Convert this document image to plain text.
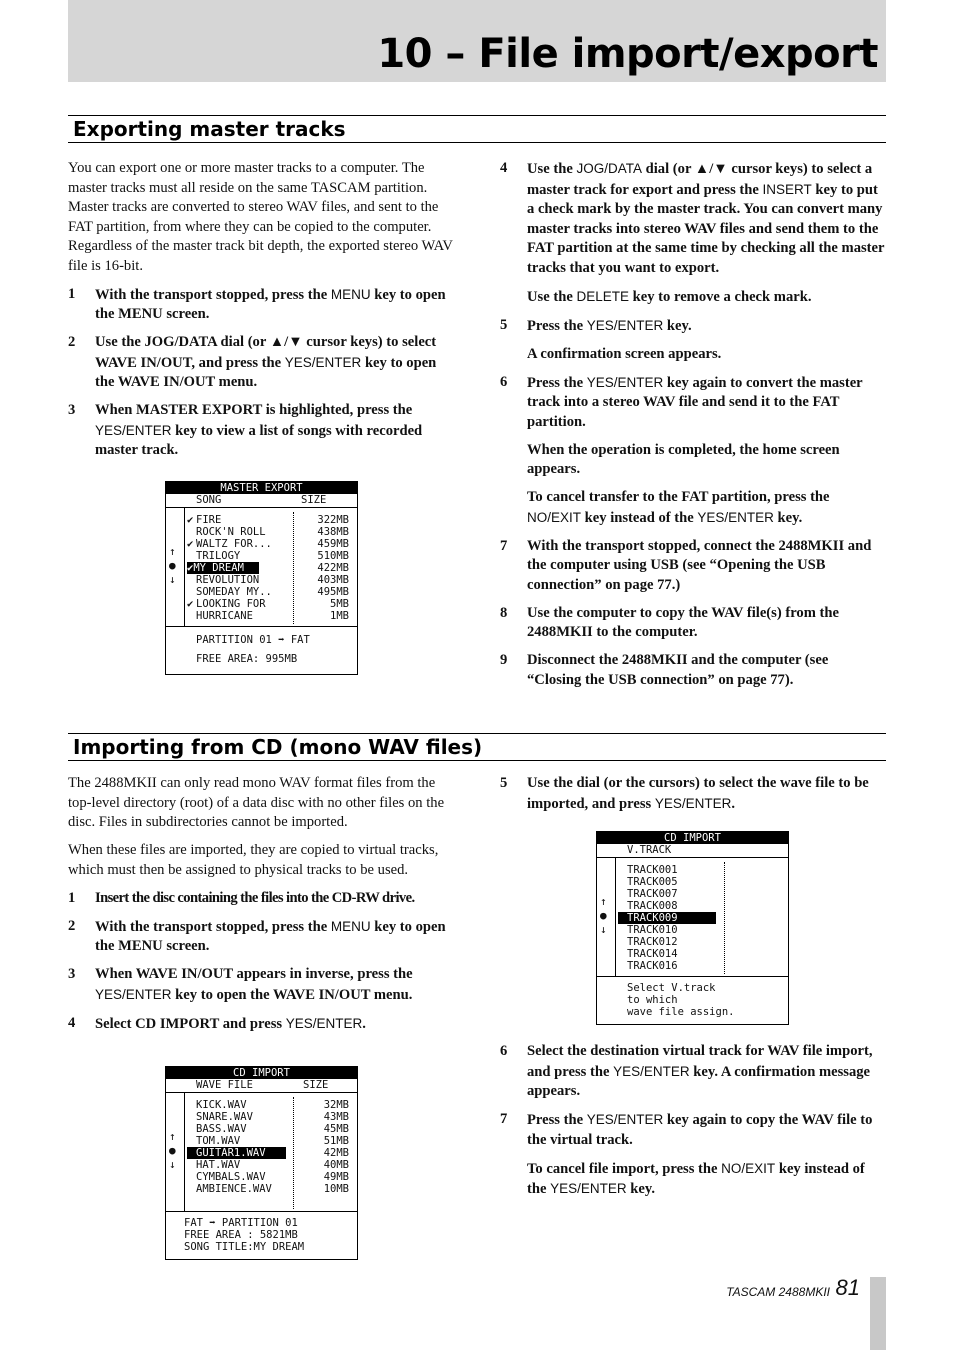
10 – File import/export
Exporting master tracks

You can export one or more master tracks to a computer. The master tracks must all reside on the same TASCAM partition. Master tracks are converted to stereo WAV files, and sent to the FAT partition, from where they can be copied to the computer. Regardless of the master track bit depth, the exported stereo WAV file is 16-bit.

1	With the transport stopped, press the MENU key to open the MENU screen.
2	Use the JOG/DATA dial (or ▲/▼ cursor keys) to select WAVE IN/OUT, and press the YES/ENTER key to open the WAVE IN/OUT menu.
3	When MASTER EXPORT is highlighted, press the YES/ENTER key to view a list of songs with recorded master track.
MASTER EXPORT
SONG	SIZE
✔ FIRE	322MB

ROCK'N ROLL	438MB
✔ WALTZ FOR...	459MB

TRILOGY	510MB
✔MY DREAM	422MB

REVOLUTION	403MB

SOMEDAY MY..	495MB
✔ LOOKING FOR	5MB

HURRICANE	1MB
↑
●
↓
PARTITION 01 ➡ FAT
FREE AREA: 995MB
4	Use the JOG/DATA dial (or ▲/▼ cursor keys) to select a master track for export and press the INSERT key to put a check mark by the master track. You can convert many master tracks into stereo WAV files and send them to the FAT partition at the same time by checking all the master tracks that you want to export.
Use the DELETE key to remove a check mark.
5	Press the YES/ENTER key.
A confirmation screen appears.
6	Press the YES/ENTER key again to convert the master track into a stereo WAV file and send it to the FAT partition.
When the operation is completed, the home screen appears.
To cancel transfer to the FAT partition, press the NO/EXIT key instead of the YES/ENTER key.
7	With the transport stopped, connect the 2488MKII and the computer using USB (see “Opening the USB connection” on page 77.)
8	Use the computer to copy the WAV file(s) from the 2488MKII to the computer.
9	Disconnect the 2488MKII and the computer (see “Closing the USB connection” on page 77).
Importing from CD (mono WAV files)

The 2488MKII can only read mono WAV format files from the top-level directory (root) of a data disc with no other files on the disc. Files in subdirectories cannot be imported.

When these files are imported, they are copied to virtual tracks, which must then be assigned to physical tracks to be used.

1	Insert the disc containing the files into the CD-RW drive.
2	With the transport stopped, press the MENU key to open the MENU screen.
3	When WAVE IN/OUT appears in inverse, press the YES/ENTER key to open the WAVE IN/OUT menu.
4	Select CD IMPORT and press YES/ENTER.
CD IMPORT
WAVE FILE	SIZE
KICK.WAV	32MB
SNARE.WAV	43MB
BASS.WAV	45MB
TOM.WAV	51MB
GUITAR1.WAV	42MB
HAT.WAV	40MB
CYMBALS.WAV	49MB
AMBIENCE.WAV	10MB
↑
●
↓
FAT ➡ PARTITION 01
FREE AREA : 5821MB
SONG TITLE:MY DREAM
5	Use the dial (or the cursors) to select the wave file to be imported, and press YES/ENTER.
CD IMPORT
V.TRACK
TRACK001
TRACK005
TRACK007
TRACK008
TRACK009
TRACK010
TRACK012
TRACK014
TRACK016
↑
●
↓
Select V.track
to which
wave file assign.
6	Select the destination virtual track for WAV file import, and press the YES/ENTER key. A confirmation message appears.
7	Press the YES/ENTER key again to copy the WAV file to the virtual track.
To cancel file import, press the NO/EXIT key instead of the YES/ENTER key.
TASCAM 2488MKII 81
